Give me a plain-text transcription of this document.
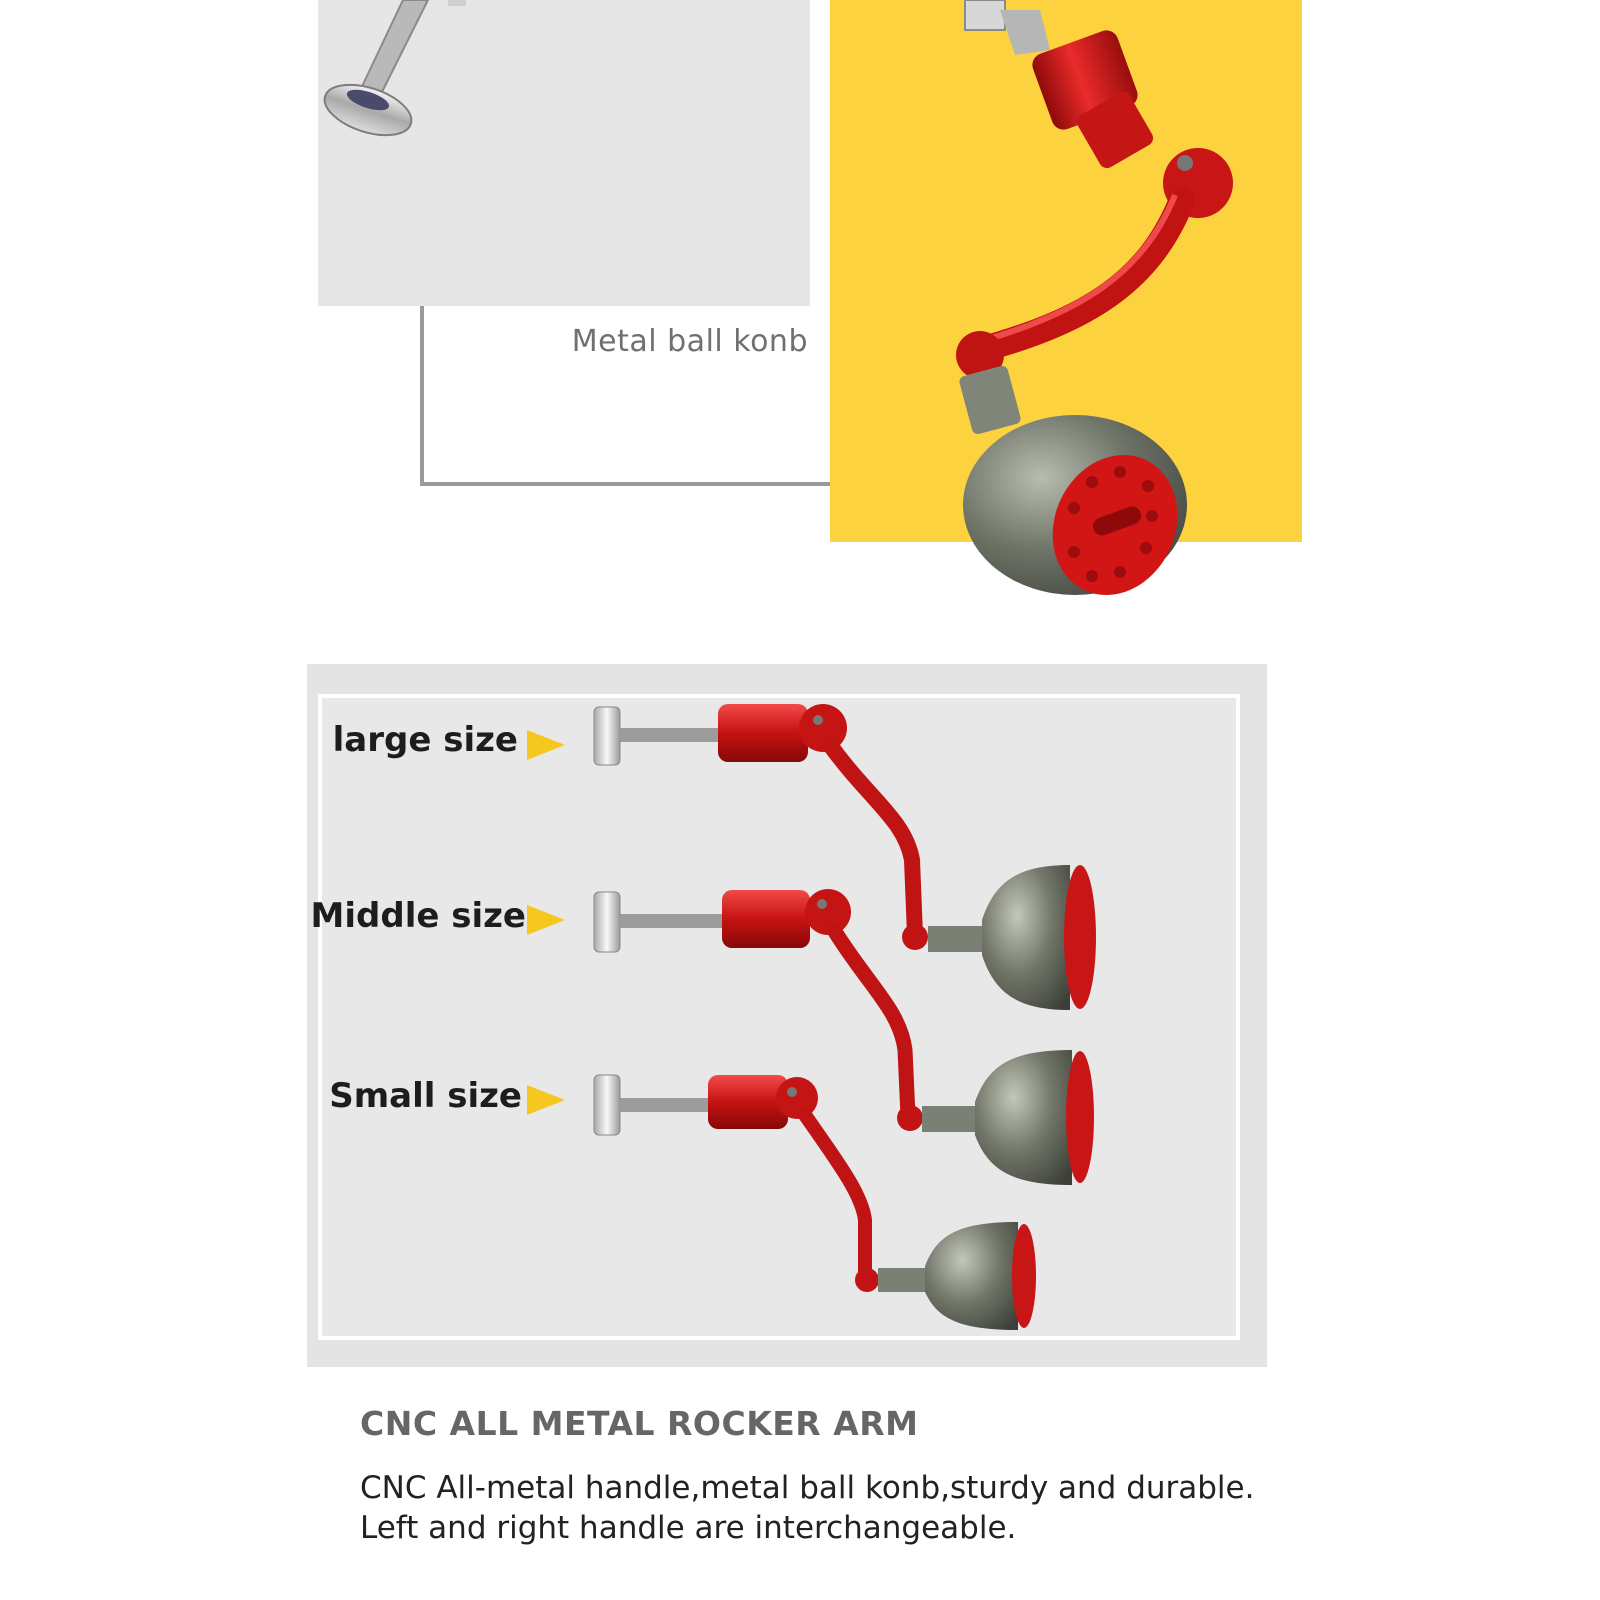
Metal ball konb
large size
Middle size
Small size
CNC ALL METAL ROCKER ARM
CNC All-metal handle,metal ball konb,sturdy and durable.
Left and right handle are interchangeable.
